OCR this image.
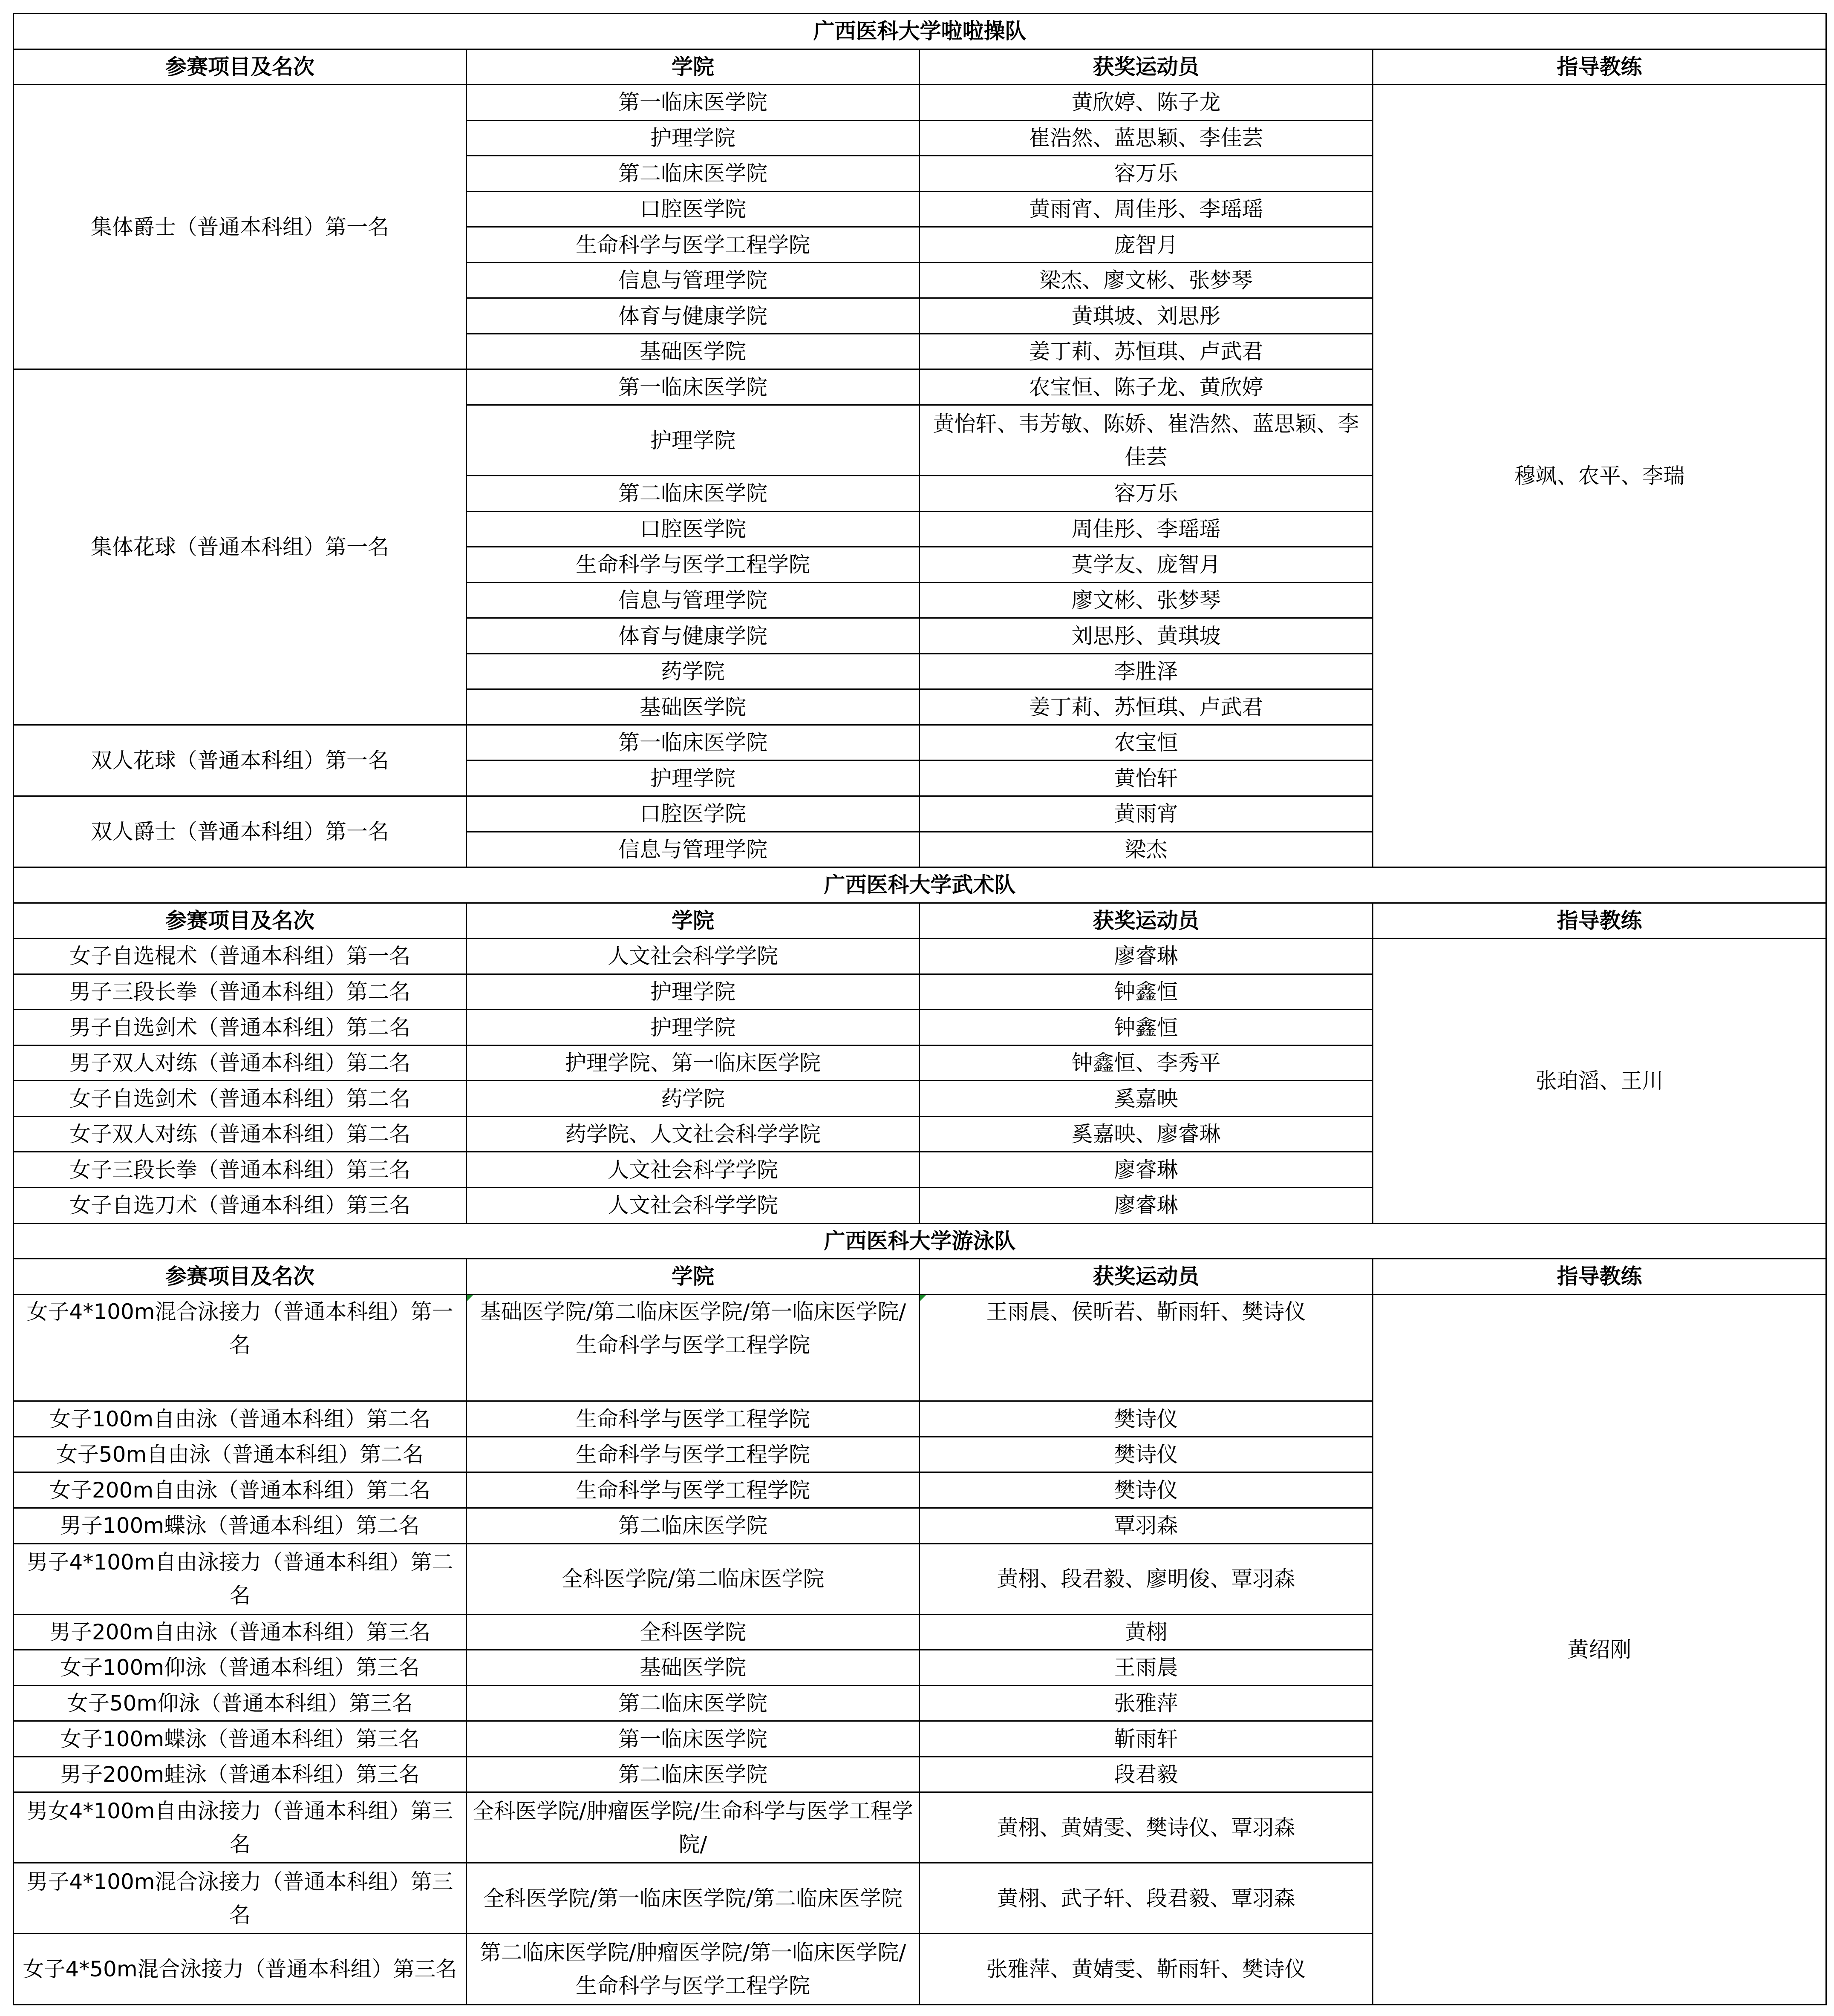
广西医科大学啦啦操队			
参赛项目及名次	学院	获奖运动员	指导教练
集体爵士（普通本科组）第一名	第一临床医学院	黄欣婷、陈子龙	穆飒、农平、李瑞
	护理学院	崔浩然、蓝思颖、李佳芸	
	第二临床医学院	容万乐	
	口腔医学院	黄雨宵、周佳彤、李瑶瑶	
	生命科学与医学工程学院	庞智月	
	信息与管理学院	梁杰、廖文彬、张梦琴	
	体育与健康学院	黄琪坡、刘思彤	
	基础医学院	姜丁莉、苏恒琪、卢武君	
集体花球（普通本科组）第一名	第一临床医学院	农宝恒、陈子龙、黄欣婷	
	护理学院	黄怡轩、韦芳敏、陈娇、崔浩然、蓝思颖、李佳芸	
	第二临床医学院	容万乐	
	口腔医学院	周佳彤、李瑶瑶	
	生命科学与医学工程学院	莫学友、庞智月	
	信息与管理学院	廖文彬、张梦琴	
	体育与健康学院	刘思彤、黄琪坡	
	药学院	李胜泽	
	基础医学院	姜丁莉、苏恒琪、卢武君	
双人花球（普通本科组）第一名	第一临床医学院	农宝恒	
	护理学院	黄怡轩	
双人爵士（普通本科组）第一名	口腔医学院	黄雨宵	
	信息与管理学院	梁杰	
广西医科大学武术队			
参赛项目及名次	学院	获奖运动员	指导教练
女子自选棍术（普通本科组）第一名	人文社会科学学院	廖睿琳	张珀滔、王川
男子三段长拳（普通本科组）第二名	护理学院	钟鑫恒	
男子自选剑术（普通本科组）第二名	护理学院	钟鑫恒	
男子双人对练（普通本科组）第二名	护理学院、第一临床医学院	钟鑫恒、李秀平	
女子自选剑术（普通本科组）第二名	药学院	奚嘉映	
女子双人对练（普通本科组）第二名	药学院、人文社会科学学院	奚嘉映、廖睿琳	
女子三段长拳（普通本科组）第三名	人文社会科学学院	廖睿琳	
女子自选刀术（普通本科组）第三名	人文社会科学学院	廖睿琳	
广西医科大学游泳队			
参赛项目及名次	学院	获奖运动员	指导教练
女子4*100m混合泳接力（普通本科组）第一名	基础医学院/第二临床医学院/第一临床医学院/生命科学与医学工程学院	王雨晨、侯昕若、靳雨轩、樊诗仪	黄绍刚
女子100m自由泳（普通本科组）第二名	生命科学与医学工程学院	樊诗仪	
女子50m自由泳（普通本科组）第二名	生命科学与医学工程学院	樊诗仪	
女子200m自由泳（普通本科组）第二名	生命科学与医学工程学院	樊诗仪	
男子100m蝶泳（普通本科组）第二名	第二临床医学院	覃羽森	
男子4*100m自由泳接力（普通本科组）第二名	全科医学院/第二临床医学院	黄栩、段君毅、廖明俊、覃羽森	
男子200m自由泳（普通本科组）第三名	全科医学院	黄栩	
女子100m仰泳（普通本科组）第三名	基础医学院	王雨晨	
女子50m仰泳（普通本科组）第三名	第二临床医学院	张雅萍	
女子100m蝶泳（普通本科组）第三名	第一临床医学院	靳雨轩	
男子200m蛙泳（普通本科组）第三名	第二临床医学院	段君毅	
男女4*100m自由泳接力（普通本科组）第三名	全科医学院/肿瘤医学院/生命科学与医学工程学院/	黄栩、黄婧雯、樊诗仪、覃羽森	
男子4*100m混合泳接力（普通本科组）第三名	全科医学院/第一临床医学院/第二临床医学院	黄栩、武子轩、段君毅、覃羽森	
女子4*50m混合泳接力（普通本科组）第三名	第二临床医学院/肿瘤医学院/第一临床医学院/生命科学与医学工程学院	张雅萍、黄婧雯、靳雨轩、樊诗仪	
